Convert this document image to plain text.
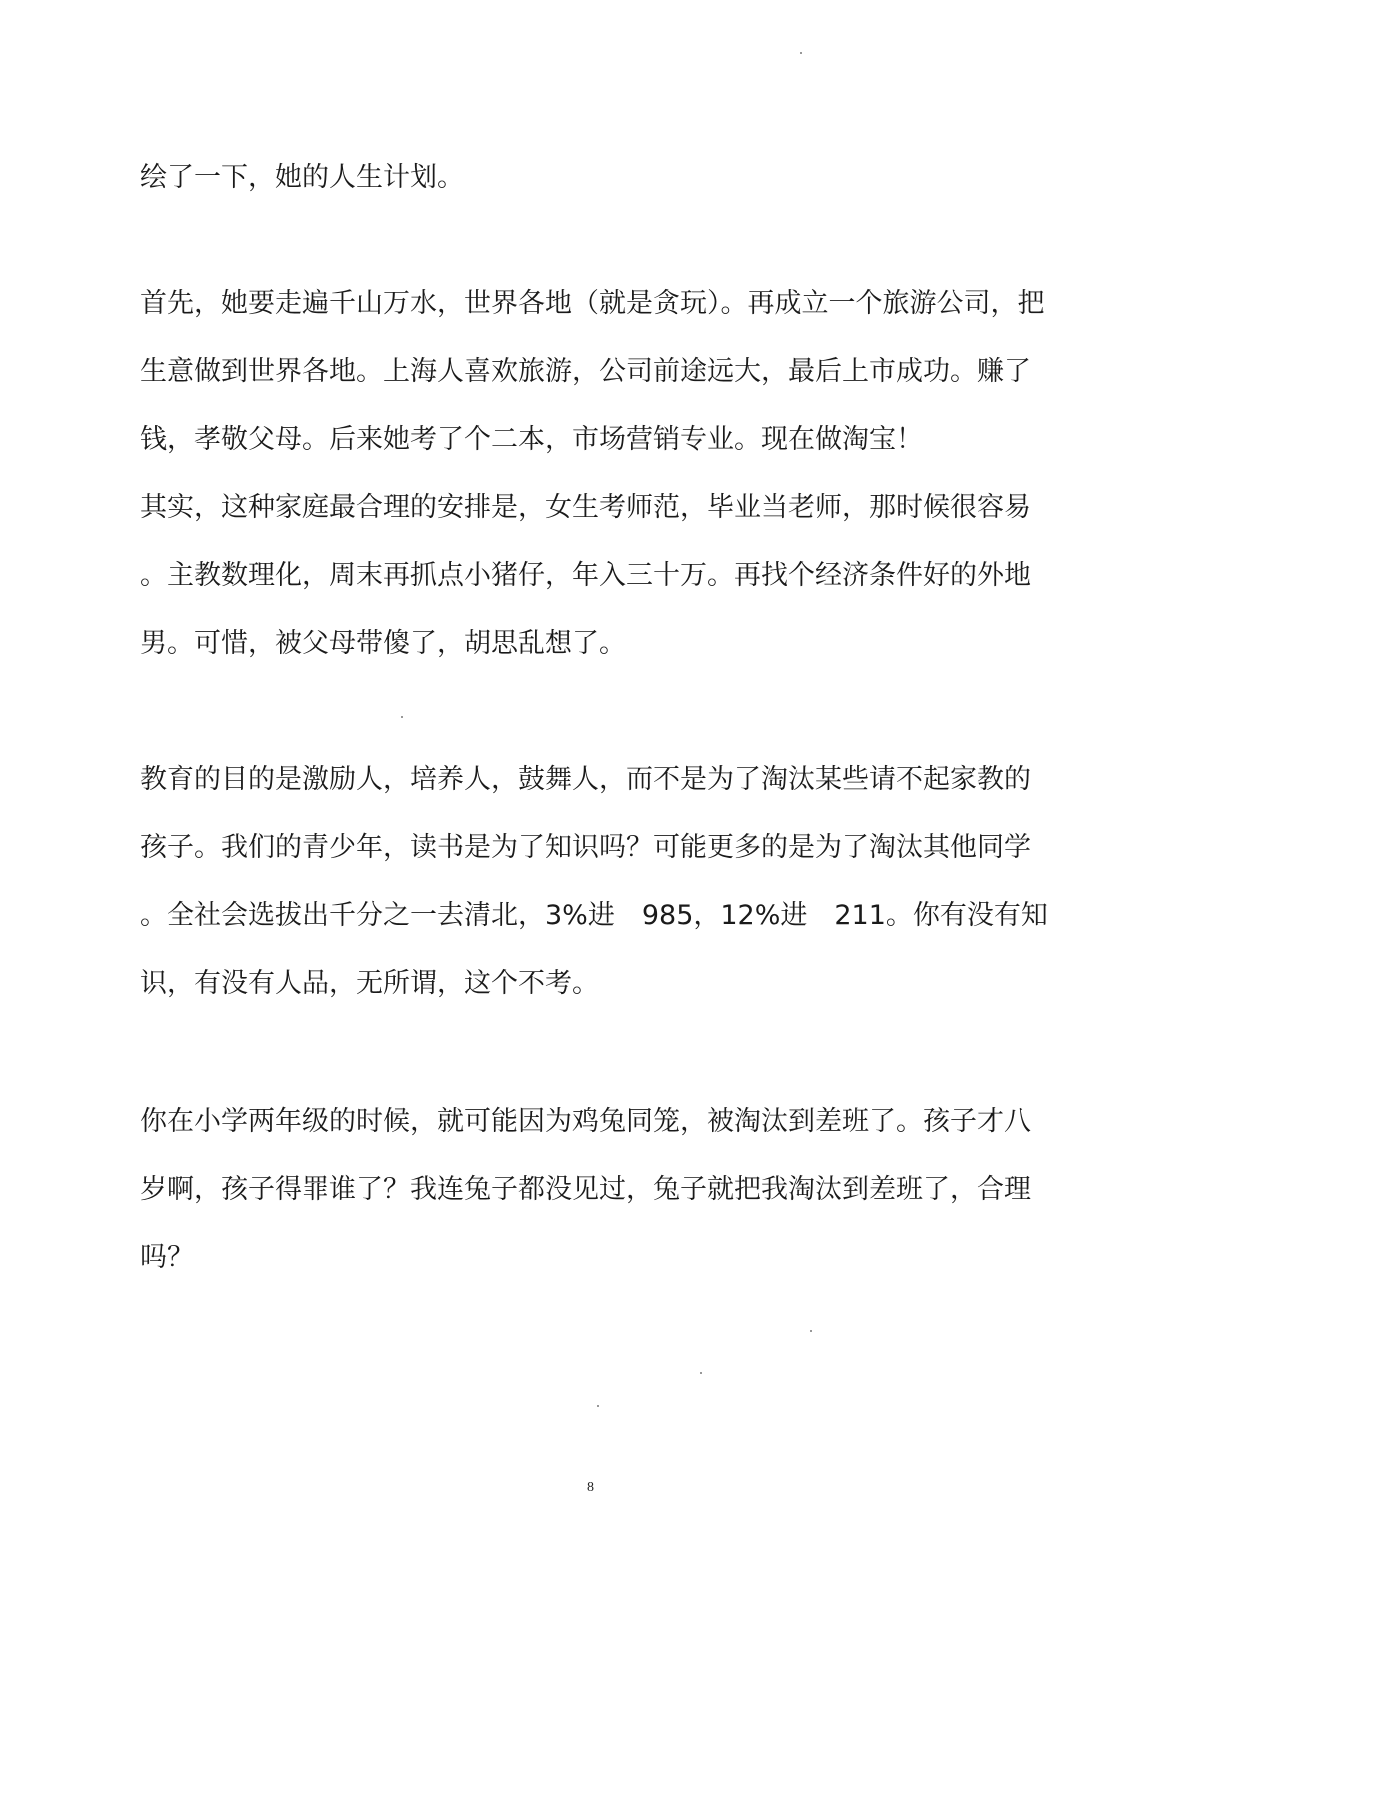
绘了一下，她的人生计划。
首先，她要走遍千山万水，世界各地（就是贪玩）。再成立一个旅游公司，把
生意做到世界各地。上海人喜欢旅游，公司前途远大，最后上市成功。赚了
钱，孝敬父母。后来她考了个二本，市场营销专业。现在做淘宝！
其实，这种家庭最合理的安排是，女生考师范，毕业当老师，那时候很容易
。主教数理化，周末再抓点小猪仔，年入三十万。再找个经济条件好的外地
男。可惜，被父母带傻了，胡思乱想了。
教育的目的是激励人，培养人，鼓舞人，而不是为了淘汰某些请不起家教的
孩子。我们的青少年，读书是为了知识吗？可能更多的是为了淘汰其他同学
。全社会选拔出千分之一去清北，3%进　985，12%进　211。你有没有知
识，有没有人品，无所谓，这个不考。
你在小学两年级的时候，就可能因为鸡兔同笼，被淘汰到差班了。孩子才八
岁啊，孩子得罪谁了？我连兔子都没见过，兔子就把我淘汰到差班了，合理
吗？
8
